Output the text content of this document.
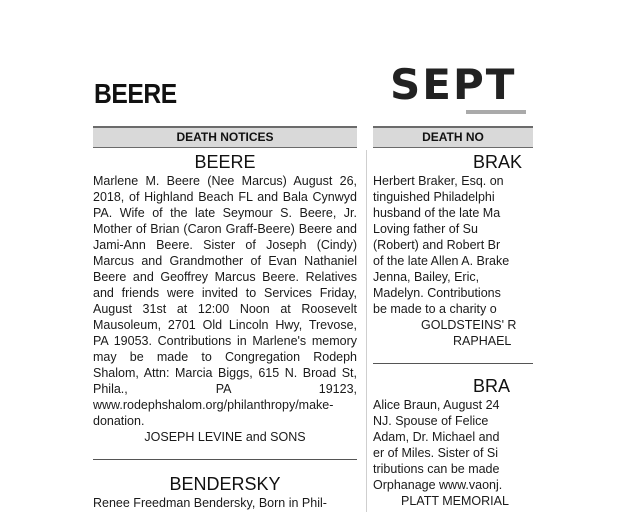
BEERE	SEPT
DEATH NOTICES
BEERE
Marlene M. Beere (Nee Marcus) August 26, 2018, of Highland Beach FL and Bala Cynwyd PA. Wife of the late Seymour S. Beere, Jr. Mother of Brian (Caron Graff-Beere) Beere and Jami-Ann Beere. Sister of Joseph (Cindy) Marcus and Grandmother of Evan Nathaniel Beere and Geoffrey Marcus Beere. Relatives and friends were invited to Services Friday, August 31st at 12:00 Noon at Roosevelt Mausoleum, 2701 Old Lincoln Hwy, Trevose, PA 19053. Contributions in Marlene's memory may be made to Congregation Rodeph Shalom, Attn: Marcia Biggs, 615 N. Broad St, Phila., PA 19123, www.rodephshalom.org/philanthropy/make-donation.
JOSEPH LEVINE and SONS
BENDERSKY
Renee Freedman Bendersky, Born in Phil-
DEATH NO
BRAK
Herbert Braker, Esq. on
tinguished Philadelphi
husband of the late Ma
Loving father of Su
(Robert) and Robert Br
of the late Allen A. Brake
Jenna, Bailey, Eric,
Madelyn. Contributions
be made to a charity o
GOLDSTEINS' R
RAPHAEL
BRA
Alice Braun, August 24
NJ. Spouse of Felice
Adam, Dr. Michael and
er of Miles. Sister of Si
tributions can be made
Orphanage www.vaonj.
PLATT MEMORIAL
